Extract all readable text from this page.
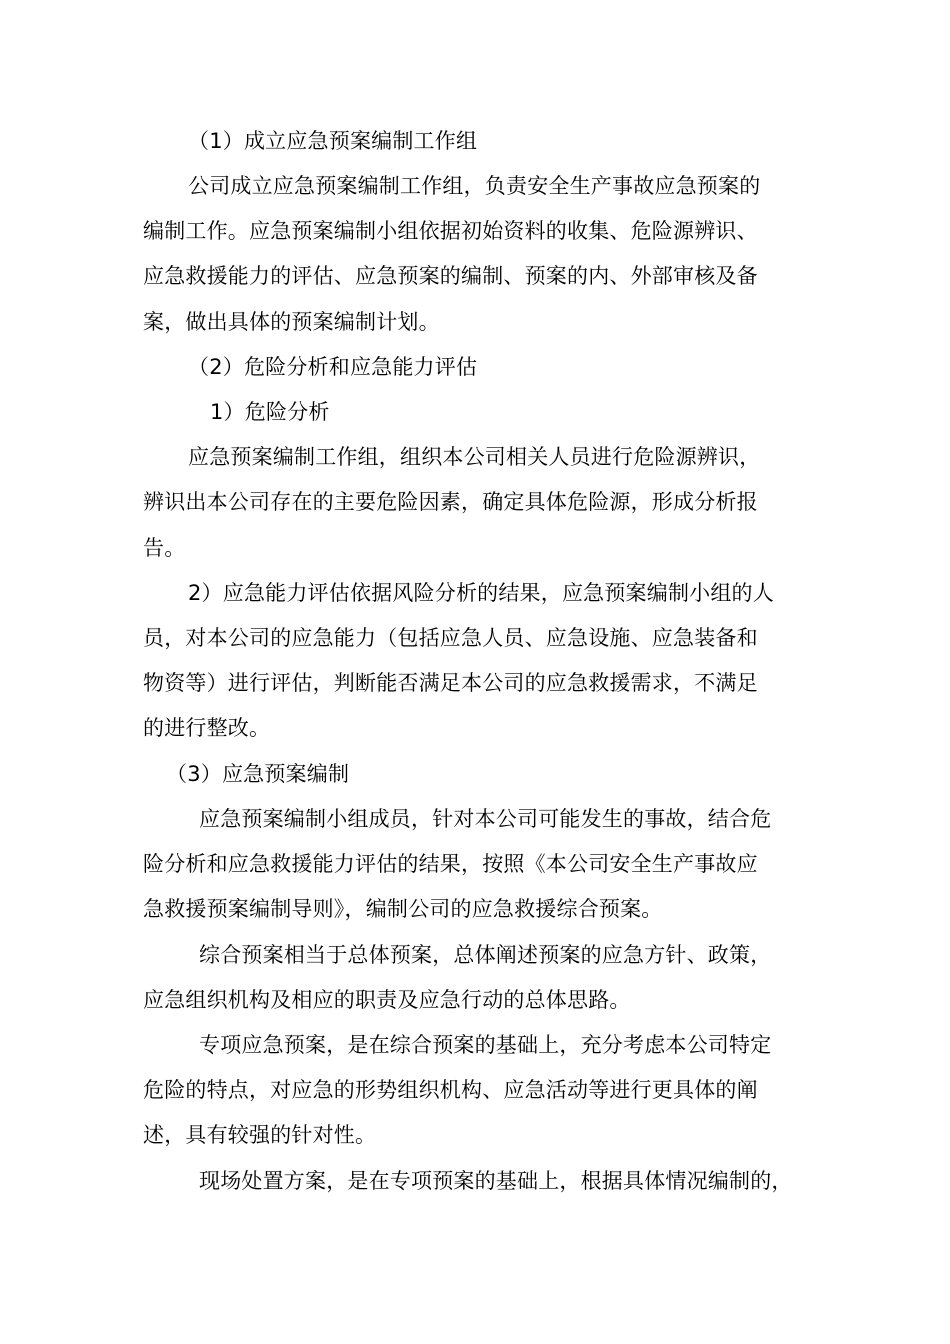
（1）成立应急预案编制工作组
公司成立应急预案编制工作组，负责安全生产事故应急预案的
编制工作。应急预案编制小组依据初始资料的收集、危险源辨识、
应急救援能力的评估、应急预案的编制、预案的内、外部审核及备
案，做出具体的预案编制计划。
（2）危险分析和应急能力评估
1）危险分析
应急预案编制工作组，组织本公司相关人员进行危险源辨识，
辨识出本公司存在的主要危险因素，确定具体危险源，形成分析报
告。
2）应急能力评估依据风险分析的结果，应急预案编制小组的人
员，对本公司的应急能力（包括应急人员、应急设施、应急装备和
物资等）进行评估，判断能否满足本公司的应急救援需求，不满足
的进行整改。
（3）应急预案编制
应急预案编制小组成员，针对本公司可能发生的事故，结合危
险分析和应急救援能力评估的结果，按照《本公司安全生产事故应
急救援预案编制导则》，编制公司的应急救援综合预案。
综合预案相当于总体预案，总体阐述预案的应急方针、政策，
应急组织机构及相应的职责及应急行动的总体思路。
专项应急预案，是在综合预案的基础上，充分考虑本公司特定
危险的特点，对应急的形势组织机构、应急活动等进行更具体的阐
述，具有较强的针对性。
现场处置方案，是在专项预案的基础上，根据具体情况编制的，
